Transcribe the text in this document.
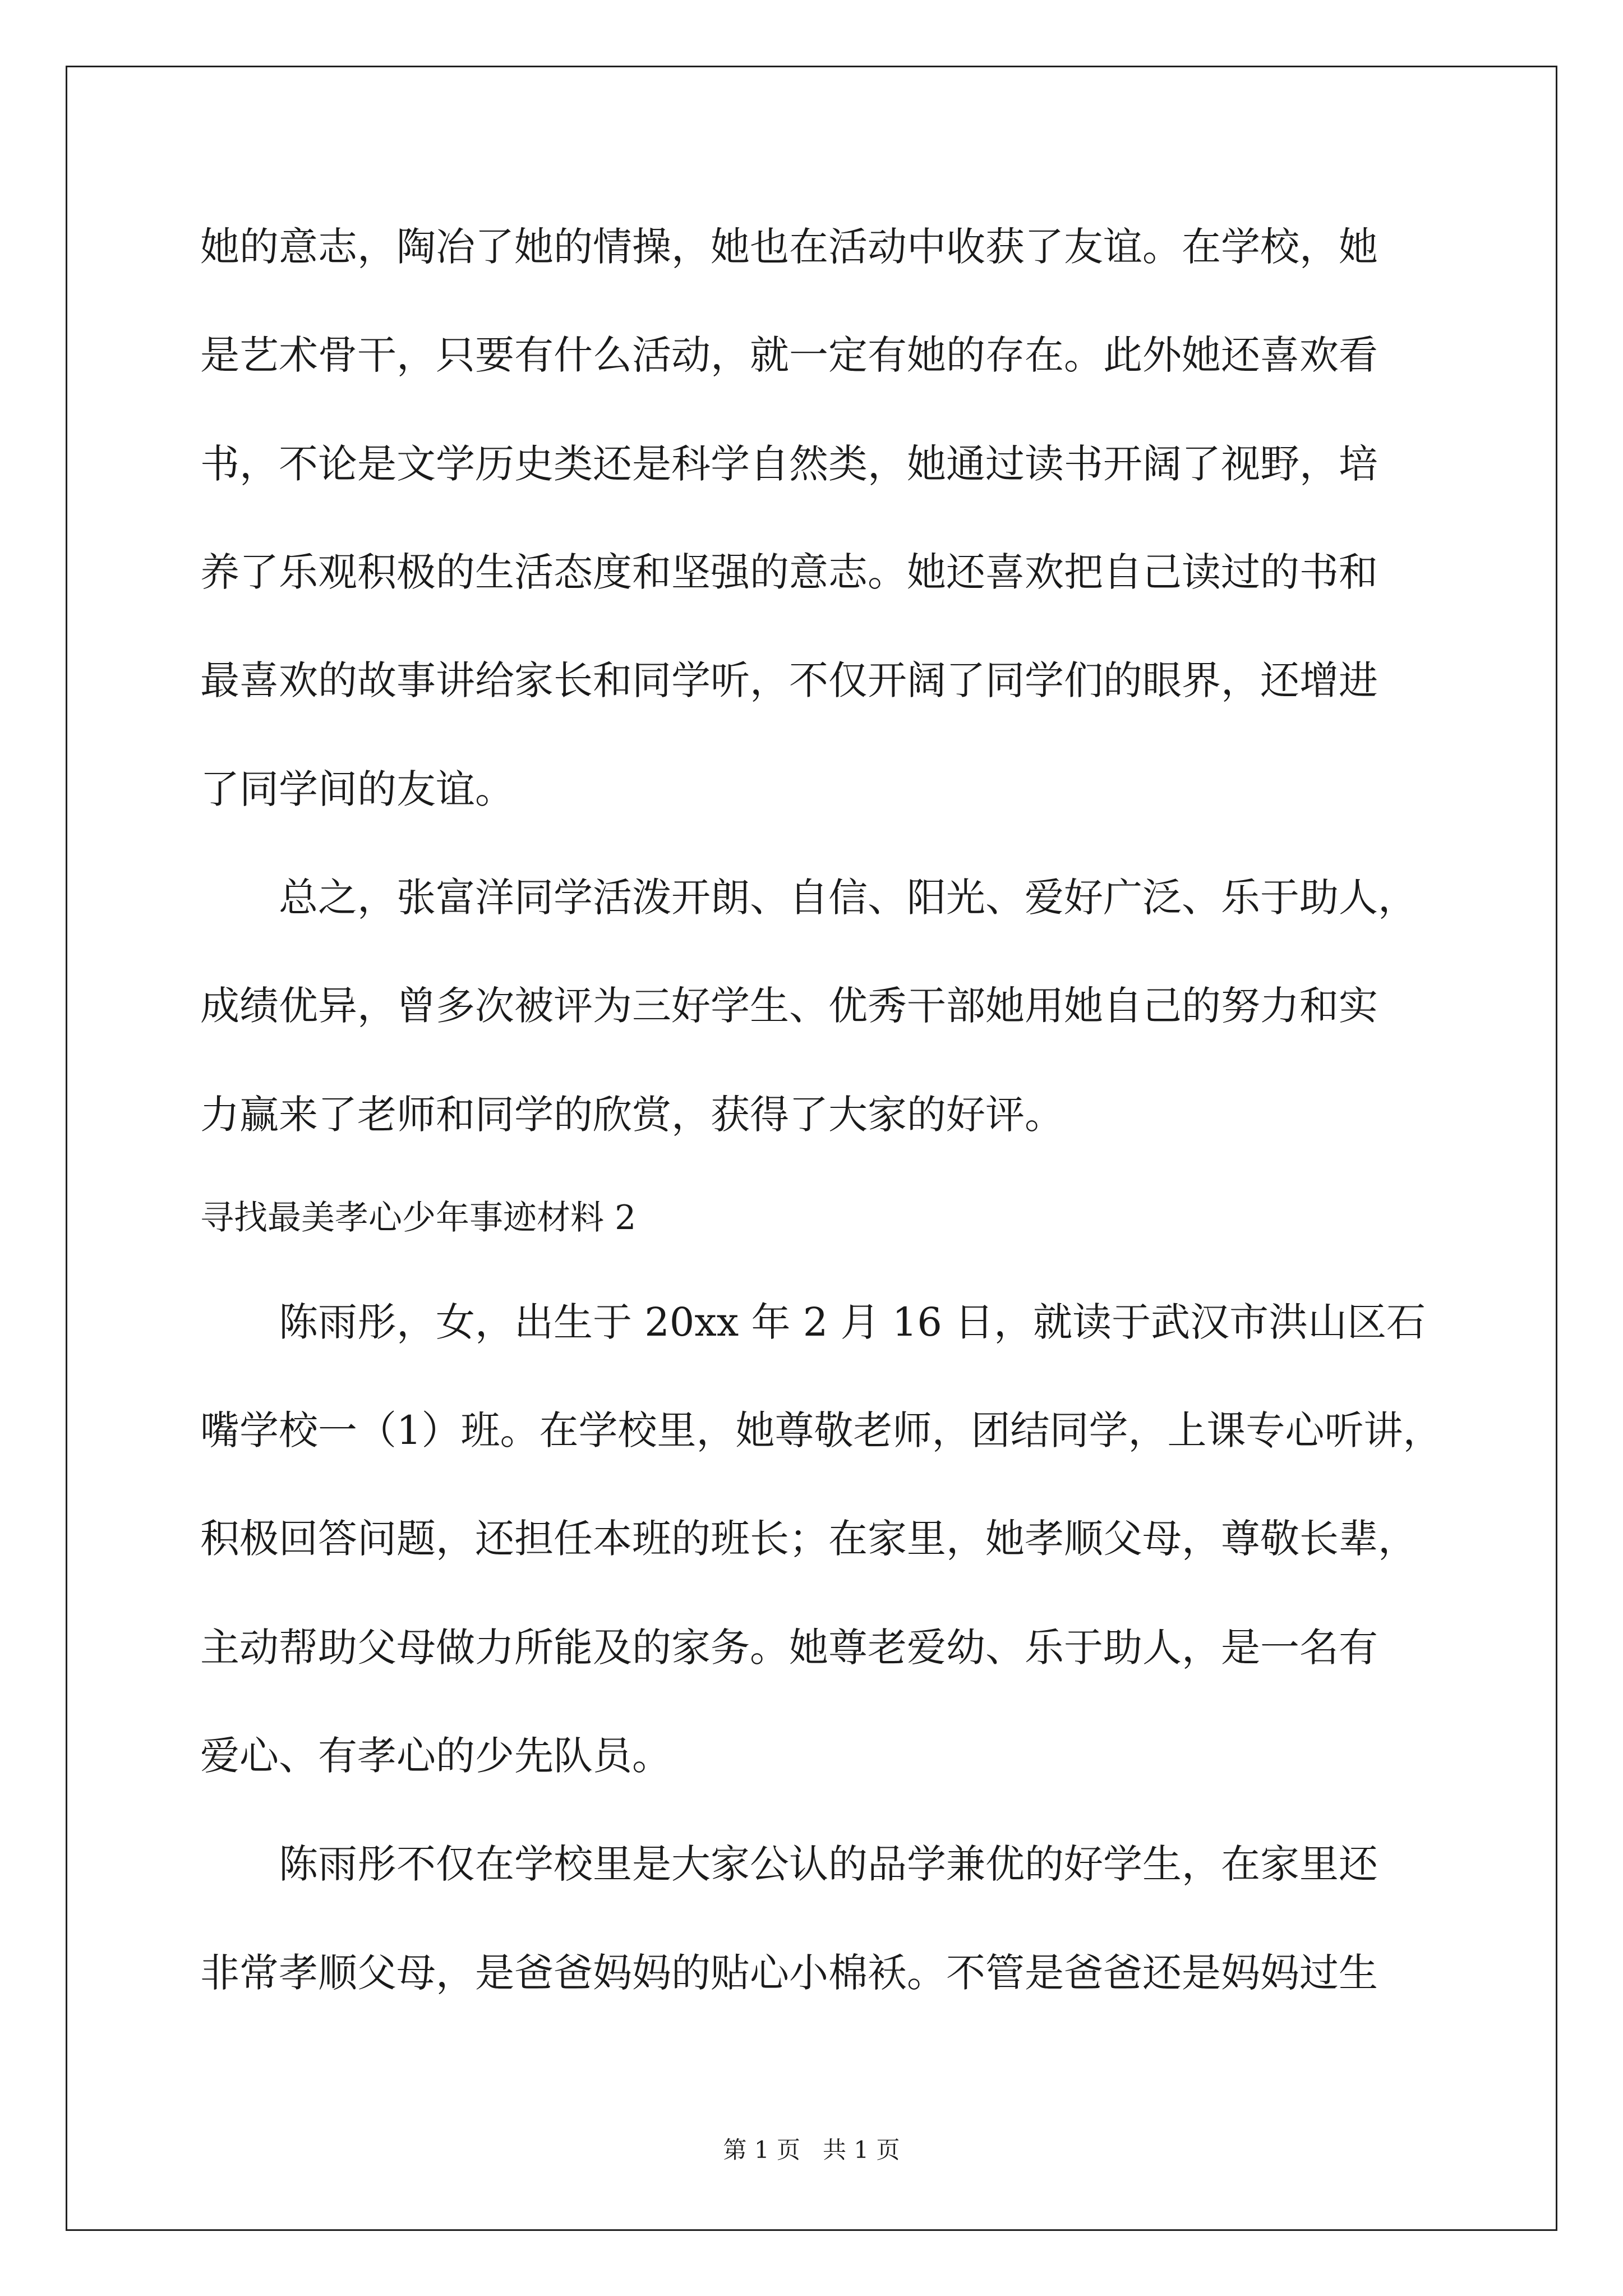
她的意志，陶冶了她的情操，她也在活动中收获了友谊。在学校，她

是艺术骨干，只要有什么活动，就一定有她的存在。此外她还喜欢看

书，不论是文学历史类还是科学自然类，她通过读书开阔了视野，培

养了乐观积极的生活态度和坚强的意志。她还喜欢把自己读过的书和

最喜欢的故事讲给家长和同学听，不仅开阔了同学们的眼界，还增进

了同学间的友谊。

总之，张富洋同学活泼开朗、自信、阳光、爱好广泛、乐于助人，

成绩优异，曾多次被评为三好学生、优秀干部她用她自己的努力和实

力赢来了老师和同学的欣赏，获得了大家的好评。

寻找最美孝心少年事迹材料 2

陈雨彤，女，出生于 20xx 年 2 月 16 日，就读于武汉市洪山区石

嘴学校一（1）班。在学校里，她尊敬老师，团结同学，上课专心听讲，

积极回答问题，还担任本班的班长；在家里，她孝顺父母，尊敬长辈，

主动帮助父母做力所能及的家务。她尊老爱幼、乐于助人，是一名有

爱心、有孝心的少先队员。

陈雨彤不仅在学校里是大家公认的品学兼优的好学生，在家里还

非常孝顺父母，是爸爸妈妈的贴心小棉袄。不管是爸爸还是妈妈过生

第 1 页   共 1 页
